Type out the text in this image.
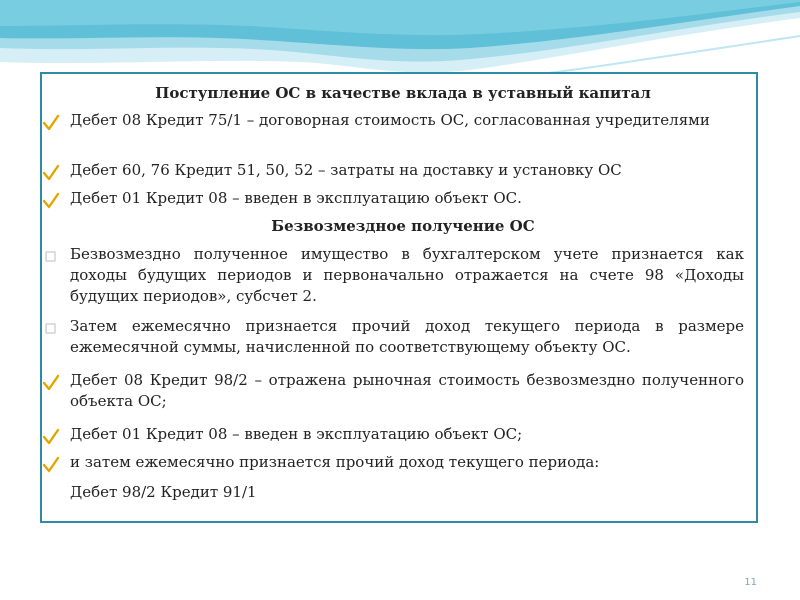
Поступление ОС в качестве вклада в уставный капитал
Дебет 08 Кредит 75/1 – договорная стоимость ОС, согласованная учредителями
Дебет 60, 76 Кредит 51, 50, 52 – затраты на доставку и установку ОС
Дебет 01 Кредит 08 – введен в эксплуатацию объект ОС.
Безвозмездное получение ОС
Безвозмездно полученное имущество в бухгалтерском учете признается как доходы будущих периодов и первоначально отражается на счете 98 «Доходы будущих периодов», субсчет 2.
Затем ежемесячно признается прочий доход текущего периода в размере ежемесячной суммы, начисленной по соответствующему объекту ОС.
Дебет 08 Кредит 98/2 – отражена рыночная стоимость безвозмездно полученного объекта ОС;
Дебет 01 Кредит 08 – введен в эксплуатацию объект ОС;
и затем ежемесячно признается прочий доход текущего периода:
Дебет 98/2 Кредит 91/1
11
